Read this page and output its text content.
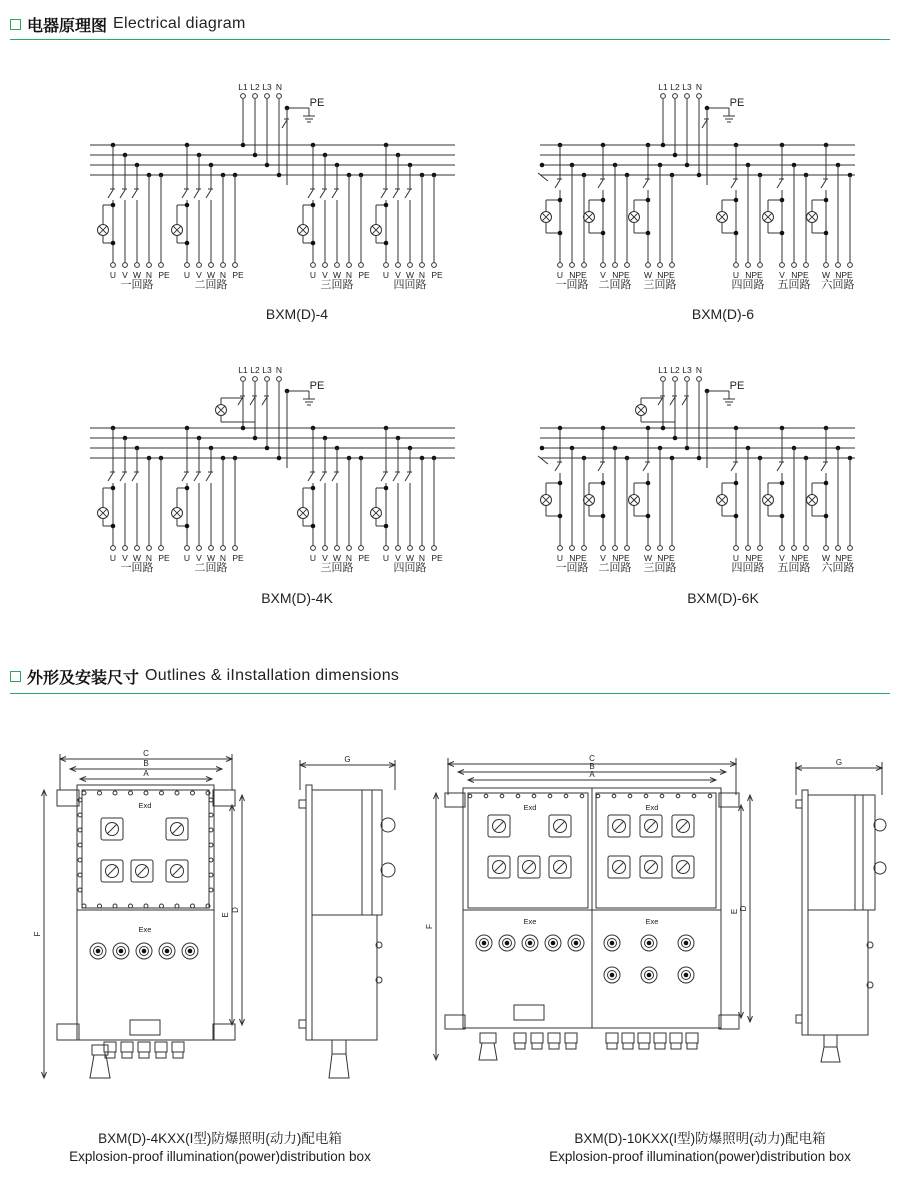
电器原理图 Electrical diagram
外形及安装尺寸 Outlines & iInstallation dimensions
L1 L2 L3 N
PE
U V W N PE
一回路
U V W N PE
二回路
U V W N PE
三回路
U V W N PE
四回路
L1 L2 L3 N
PE
U NPE
一回路
V NPE
二回路
W NPE
三回路
U NPE
四回路
V NPE
五回路
W NPE
六回路
L1 L2 L3 N
PE
U V W N PE
一回路
U V W N PE
二回路
U V W N PE
三回路
U V W N PE
四回路
L1 L2 L3 N
PE
U NPE
一回路
V NPE
二回路
W NPE
三回路
U NPE
四回路
V NPE
五回路
W NPE
六回路
C
B
A
Exd
Exe
F
E
D
G	C
B
A
Exd	Exd
Exe	Exe
F
E
D
G
BXM(D)-4	BXM(D)-6
BXM(D)-4K	BXM(D)-6K
BXM(D)-4KXX(I型)防爆照明(动力)配电箱
Explosion-proof illumination(power)distribution box
BXM(D)-10KXX(I型)防爆照明(动力)配电箱
Explosion-proof illumination(power)distribution box
